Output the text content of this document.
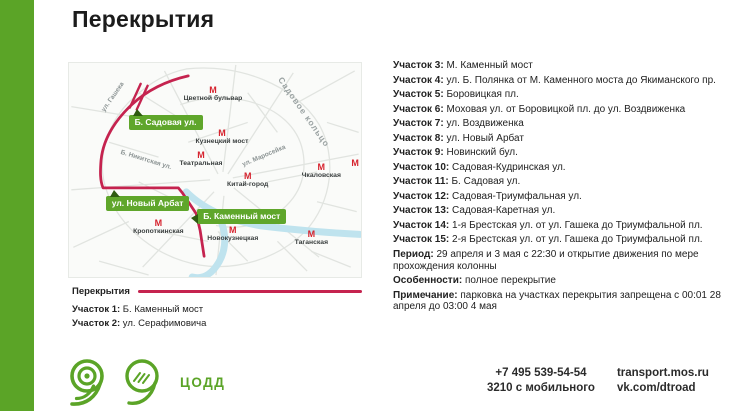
Перекрытия
М
Цветной бульвар
М
Кузнецкий мост
М
Театральная
М
Китай-город
М
Чкаловская
М
Кропоткинская	М
Новокузнецкая	М
Таганская
М
ул. Гашека
Б. Никитская ул.	ул. Маросейка
Садовое кольцо
Б. Садовая ул.
ул. Новый Арбат
Б. Каменный мост
Перекрытия
Участок 1: Б. Каменный мост
Участок 2: ул. Серафимовича
Участок 3: М. Каменный мост
Участок 4: ул. Б. Полянка от М. Каменного моста до Якиманского пр.
Участок 5: Боровицкая пл.
Участок 6: Моховая ул. от Боровицкой пл. до ул. Воздвиженка
Участок 7: ул. Воздвиженка
Участок 8: ул. Новый Арбат
Участок 9: Новинский бул.
Участок 10: Садовая-Кудринская ул.
Участок 11: Б. Садовая ул.
Участок 12: Садовая-Триумфальная ул.
Участок 13: Садовая-Каретная ул.
Участок 14: 1-я Брестская ул. от ул. Гашека до Триумфальной пл.
Участок 15: 2-я Брестская ул. от ул. Гашека до Триумфальной пл.
Период: 29 апреля и 3 мая с 22:30 и открытие движения по мере прохождения колонны
Особенности: полное перекрытие
Примечание: парковка на участках перекрытия запрещена с 00:01 28 апреля до 03:00 4 мая
ЦОДД
+7 495 539-54-54
3210 с мобильного
transport.mos.ru
vk.com/dtroad
